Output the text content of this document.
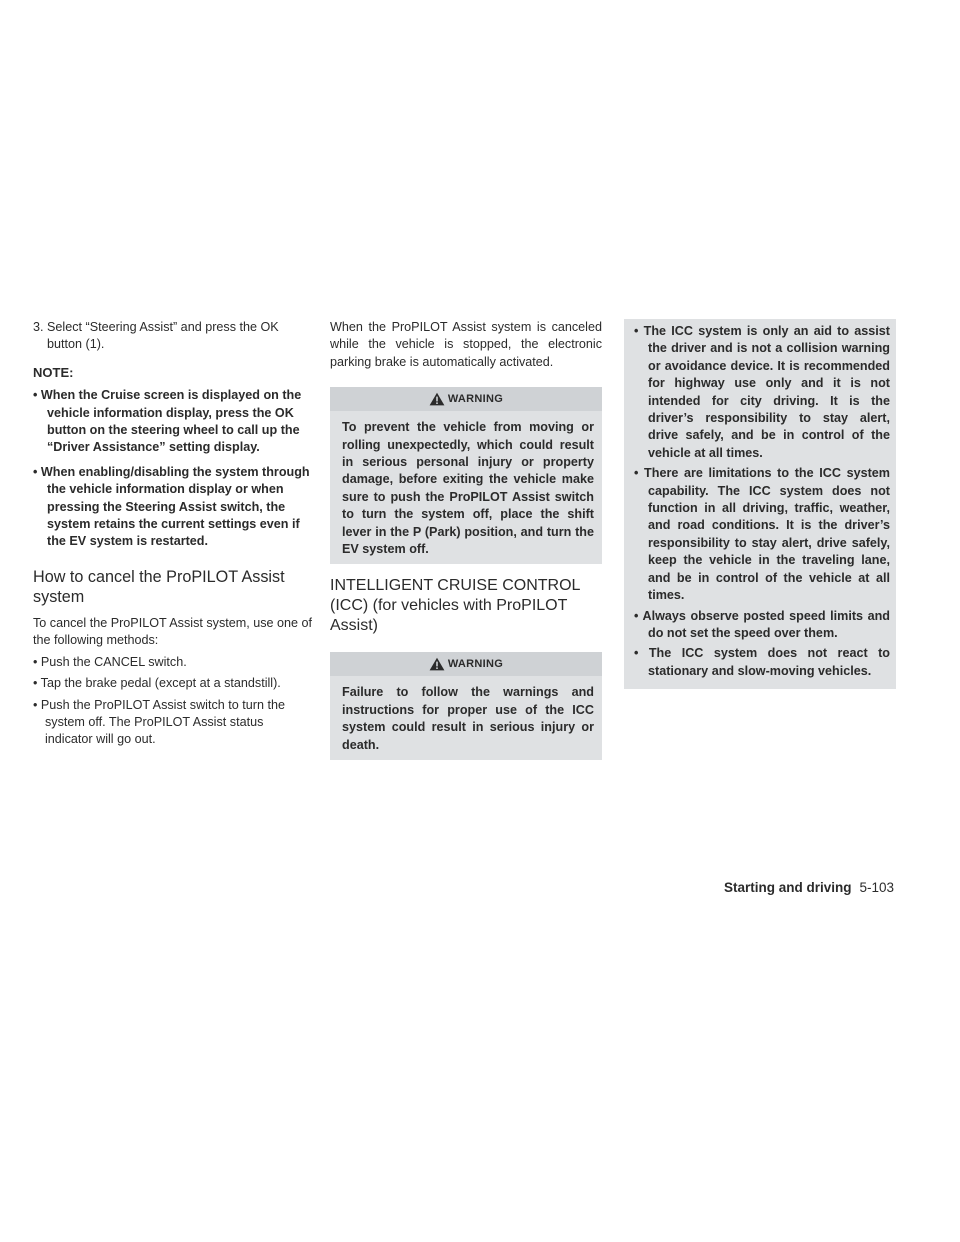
3. Select “Steering Assist” and press the OK button (1).

NOTE:

• When the Cruise screen is displayed on the vehicle information display, press the OK button on the steering wheel to call up the “Driver Assistance” setting display.

• When enabling/disabling the system through the vehicle information display or when pressing the Steering Assist switch, the system retains the current settings even if the EV system is restarted.

How to cancel the ProPILOT Assist system

To cancel the ProPILOT Assist system, use one of the following methods:

• Push the CANCEL switch.

• Tap the brake pedal (except at a standstill).

• Push the ProPILOT Assist switch to turn the system off. The ProPILOT Assist status indicator will go out.

When the ProPILOT Assist system is canceled while the vehicle is stopped, the electronic parking brake is automatically activated.

WARNING

To prevent the vehicle from moving or rolling unexpectedly, which could result in serious personal injury or property damage, before exiting the vehicle make sure to push the ProPILOT Assist switch to turn the system off, place the shift lever in the P (Park) position, and turn the EV system off.

INTELLIGENT CRUISE CONTROL (ICC) (for vehicles with ProPILOT Assist)

WARNING

Failure to follow the warnings and instructions for proper use of the ICC system could result in serious injury or death.

• The ICC system is only an aid to assist the driver and is not a collision warning or avoidance device. It is recommended for highway use only and it is not intended for city driving. It is the driver’s responsibility to stay alert, drive safely, and be in control of the vehicle at all times.

• There are limitations to the ICC system capability. The ICC system does not function in all driving, traffic, weather, and road conditions. It is the driver’s responsibility to stay alert, drive safely, keep the vehicle in the traveling lane, and be in control of the vehicle at all times.

• Always observe posted speed limits and do not set the speed over them.

• The ICC system does not react to stationary and slow-moving vehicles.

Starting and driving 5-103
